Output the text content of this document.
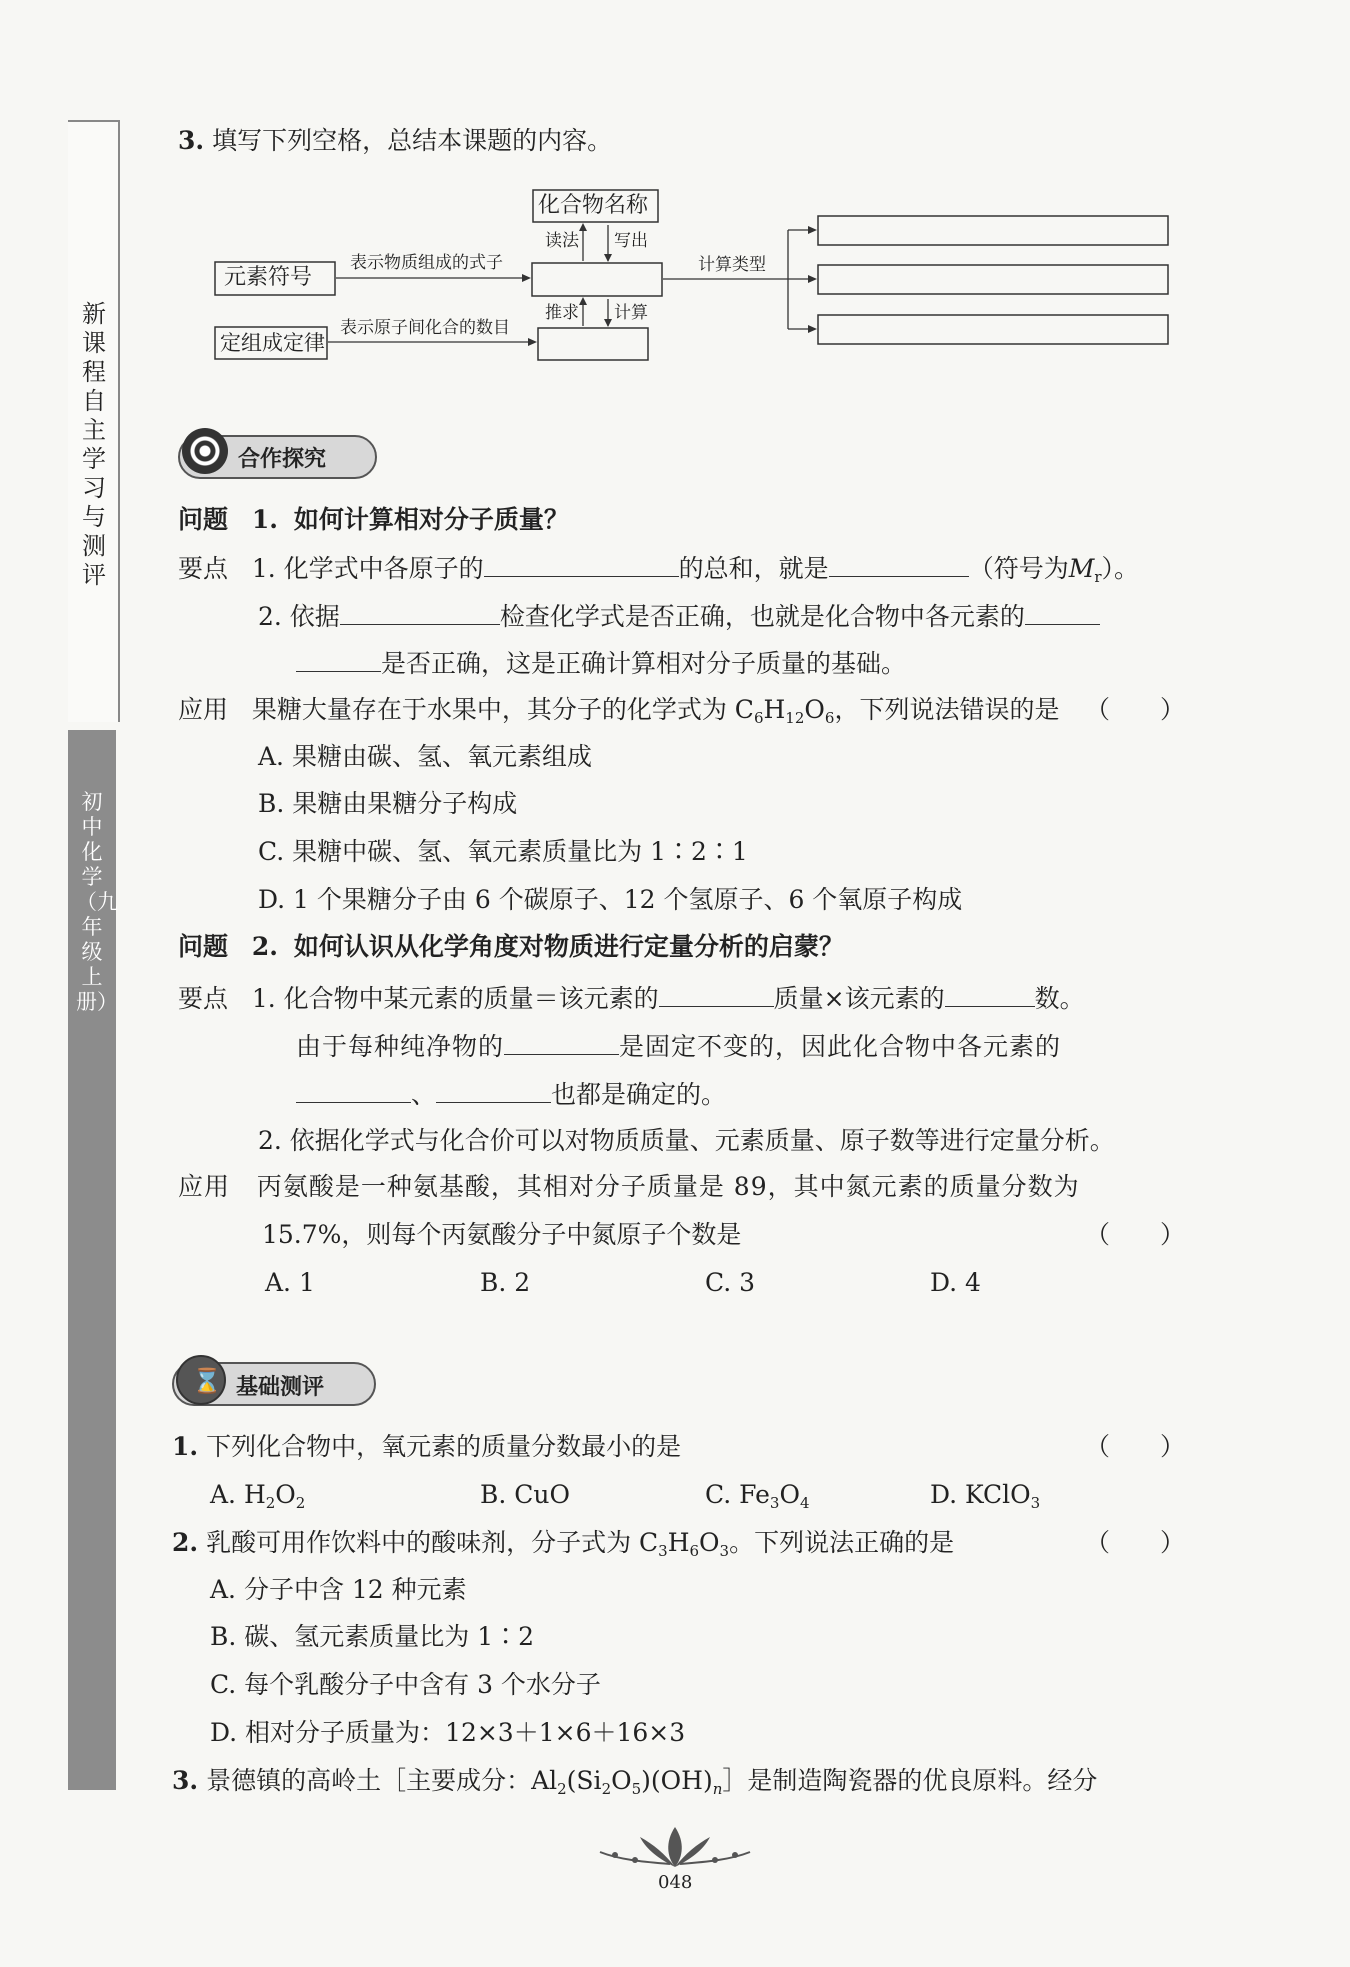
新课程自主学习与测评
初中化学（九年级上册）
3. 填写下列空格，总结本课题的内容。
化合物名称
读法 写出
元素符号
表示物质组成的式子
定组成定律
表示原子间化合的数目
推求 计算
计算类型
合作探究
问题 1. 如何计算相对分子质量？
要点 1. 化学式中各原子的	的总和，就是	（符号为$M_r$）。
2. 依据	检查化学式是否正确，也就是化合物中各元素的
是否正确，这是正确计算相对分子质量的基础。
应用 果糖大量存在于水果中，其分子的化学式为 $C_6H_{12}O_6$，下列说法错误的是 （　　）
A. 果糖由碳、氢、氧元素组成
B. 果糖由果糖分子构成
C. 果糖中碳、氢、氧元素质量比为 1∶2∶1
D. 1 个果糖分子由 6 个碳原子、12 个氢原子、6 个氧原子构成
问题 2. 如何认识从化学角度对物质进行定量分析的启蒙？
要点 1. 化合物中某元素的质量＝该元素的	质量×该元素的	数。
由于每种纯净物的	是固定不变的，因此化合物中各元素的
、	也都是确定的。
2. 依据化学式与化合价可以对物质质量、元素质量、原子数等进行定量分析。
应用 丙氨酸是一种氨基酸，其相对分子质量是 89，其中氮元素的质量分数为
15.7%，则每个丙氨酸分子中氮原子个数是	（　　）
A. 1	B. 2	C. 3	D. 4
⌛ 基础测评
1. 下列化合物中，氧元素的质量分数最小的是	（　　）
A. $H_2O_2$	B. CuO	C. $Fe_3O_4$	D. KClO$_3$
2. 乳酸可用作饮料中的酸味剂，分子式为 $C_3H_6O_3$。下列说法正确的是	（　　）
A. 分子中含 12 种元素
B. 碳、氢元素质量比为 1∶2
C. 每个乳酸分子中含有 3 个水分子
D. 相对分子质量为：12×3＋1×6＋16×3
3. 景德镇的高岭土［主要成分：$Al_2(Si_2O_5)(OH)_n]$是制造陶瓷器的优良原料。经分
048
